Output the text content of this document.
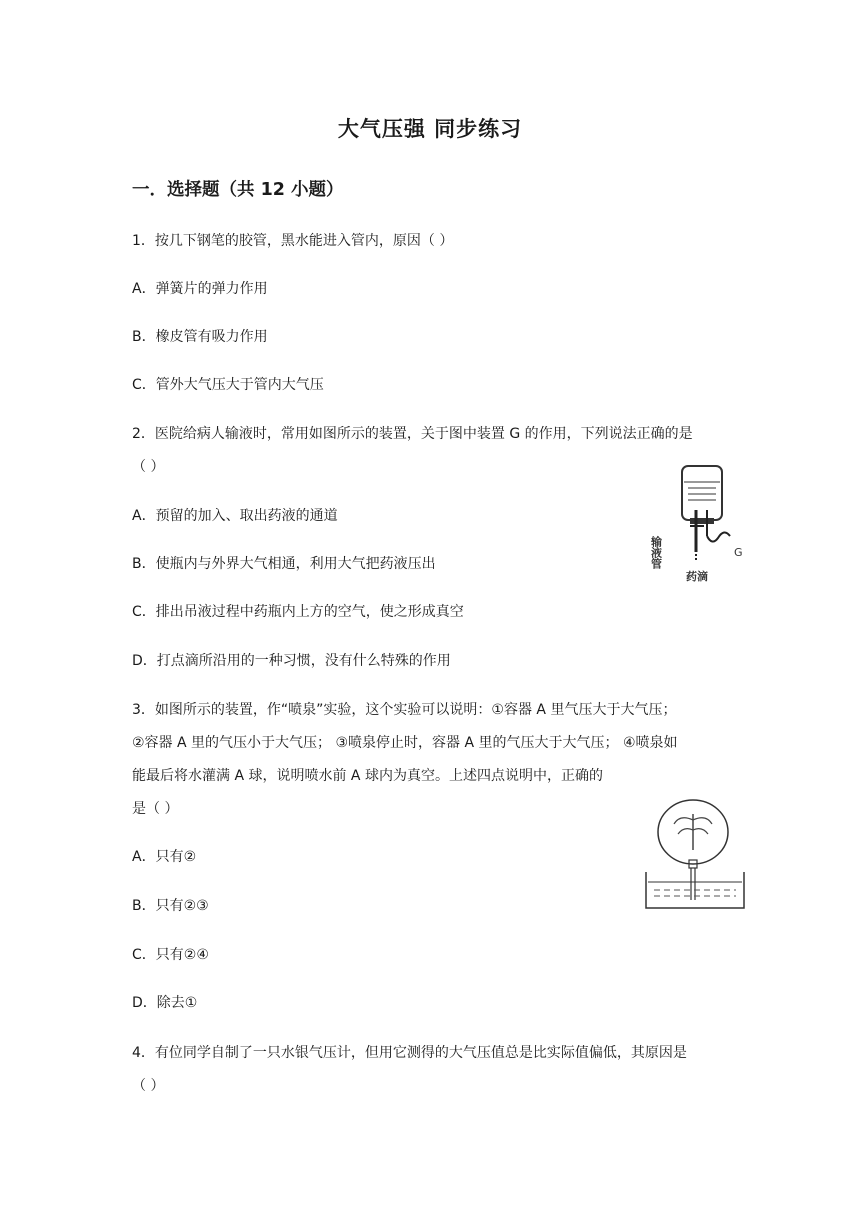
大气压强 同步练习
一．选择题（共 12 小题）
1．按几下钢笔的胶管，黑水能进入管内，原因（ ）
A．弹簧片的弹力作用
B．橡皮管有吸力作用
C．管外大气压大于管内大气压
2．医院给病人输液时，常用如图所示的装置，关于图中装置 G 的作用，下列说法正确的是
（ ）
A．预留的加入、取出药液的通道
B．使瓶内与外界大气相通，利用大气把药液压出
C．排出吊液过程中药瓶内上方的空气，使之形成真空
D．打点滴所沿用的一种习惯，没有什么特殊的作用
输液管
药滴
G
3．如图所示的装置，作“喷泉”实验，这个实验可以说明：①容器 A 里气压大于大气压；
②容器 A 里的气压小于大气压； ③喷泉停止时，容器 A 里的气压大于大气压； ④喷泉如
能最后将水灌满 A 球，说明喷水前 A 球内为真空。上述四点说明中，正确的
是（ ）
A．只有②
B．只有②③
C．只有②④
D．除去①
4．有位同学自制了一只水银气压计，但用它测得的大气压值总是比实际值偏低，其原因是
（ ）
